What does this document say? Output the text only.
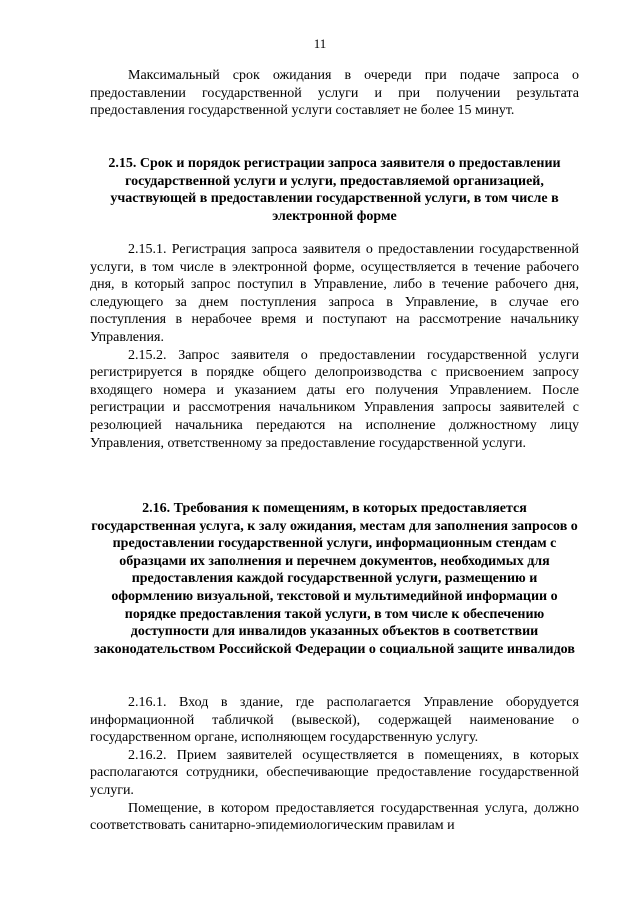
11

Максимальный срок ожидания в очереди при подаче запроса о предоставлении государственной услуги и при получении результата предоставления государственной услуги составляет не более 15 минут.

2.15. Срок и порядок регистрации запроса заявителя о предоставлении государственной услуги и услуги, предоставляемой организацией, участвующей в предоставлении государственной услуги, в том числе в электронной форме

2.15.1. Регистрация запроса заявителя о предоставлении государственной услуги, в том числе в электронной форме, осуществляется в течение рабочего дня, в который запрос поступил в Управление, либо в течение рабочего дня, следующего за днем поступления запроса в Управление, в случае его поступления в нерабочее время и поступают на рассмотрение начальнику Управления.

2.15.2. Запрос заявителя о предоставлении государственной услуги регистрируется в порядке общего делопроизводства с присвоением запросу входящего номера и указанием даты его получения Управлением. После регистрации и рассмотрения начальником Управления запросы заявителей с резолюцией начальника передаются на исполнение должностному лицу Управления, ответственному за предоставление государственной услуги.

2.16. Требования к помещениям, в которых предоставляется государственная услуга, к залу ожидания, местам для заполнения запросов о предоставлении государственной услуги, информационным стендам с образцами их заполнения и перечнем документов, необходимых для предоставления каждой государственной услуги, размещению и оформлению визуальной, текстовой и мультимедийной информации о порядке предоставления такой услуги, в том числе к обеспечению доступности для инвалидов указанных объектов в соответствии законодательством Российской Федерации о социальной защите инвалидов

2.16.1. Вход в здание, где располагается Управление оборудуется информационной табличкой (вывеской), содержащей наименование о государственном органе, исполняющем государственную услугу.

2.16.2. Прием заявителей осуществляется в помещениях, в которых располагаются сотрудники, обеспечивающие предоставление государственной услуги.

Помещение, в котором предоставляется государственная услуга, должно соответствовать санитарно-эпидемиологическим правилам и
